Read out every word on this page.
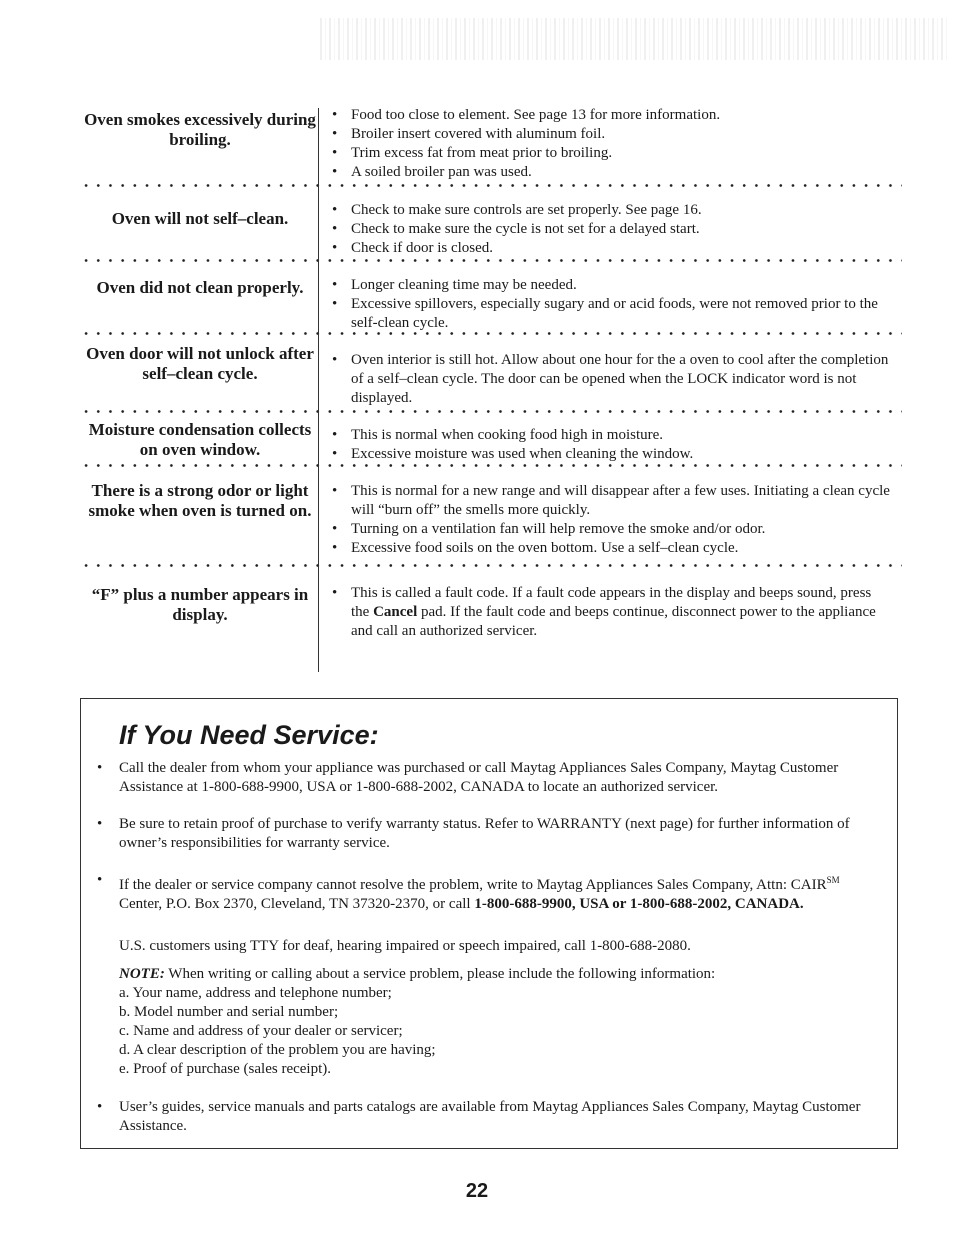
Oven smokes excessively during broiling.
• Food too close to element. See page 13 for more information.
• Broiler insert covered with aluminum foil.
• Trim excess fat from meat prior to broiling.
• A soiled broiler pan was used.
Oven will not self–clean.	• Check to make sure controls are set properly. See page 16.
• Check to make sure the cycle is not set for a delayed start.
• Check if door is closed.
Oven did not clean properly.	• Longer cleaning time may be needed.
• Excessive spillovers, especially sugary and or acid foods, were not removed prior to the self-clean cycle.
Oven door will not unlock after self–clean cycle.
• Oven interior is still hot. Allow about one hour for the a oven to cool after the completion of a self–clean cycle. The door can be opened when the LOCK indicator word is not displayed.
Moisture condensation collects on oven window.
• This is normal when cooking food high in moisture.
• Excessive moisture was used when cleaning the window.
There is a strong odor or light smoke when oven is turned on.
• This is normal for a new range and will disappear after a few uses. Initiating a clean cycle will “burn off” the smells more quickly.
• Turning on a ventilation fan will help remove the smoke and/or odor.
• Excessive food soils on the oven bottom. Use a self–clean cycle.
“F” plus a number appears in display.
• This is called a fault code. If a fault code appears in the display and beeps sound, press the Cancel pad. If the fault code and beeps continue, disconnect power to the appliance and call an authorized servicer.
If You Need Service:
• Call the dealer from whom your appliance was purchased or call Maytag Appliances Sales Company, Maytag Customer Assistance at 1-800-688-9900, USA or 1-800-688-2002, CANADA to locate an authorized servicer.
• Be sure to retain proof of purchase to verify warranty status. Refer to WARRANTY (next page) for further information of owner’s responsibilities for warranty service.
• If the dealer or service company cannot resolve the problem, write to Maytag Appliances Sales Company, Attn: CAIR℠ Center, P.O. Box 2370, Cleveland, TN 37320-2370, or call 1-800-688-9900, USA or 1-800-688-2002, CANADA.
U.S. customers using TTY for deaf, hearing impaired or speech impaired, call 1-800-688-2080.
NOTE: When writing or calling about a service problem, please include the following information:
a. Your name, address and telephone number;
b. Model number and serial number;
c. Name and address of your dealer or servicer;
d. A clear description of the problem you are having;
e. Proof of purchase (sales receipt).
• User’s guides, service manuals and parts catalogs are available from Maytag Appliances Sales Company, Maytag Customer Assistance.
22
